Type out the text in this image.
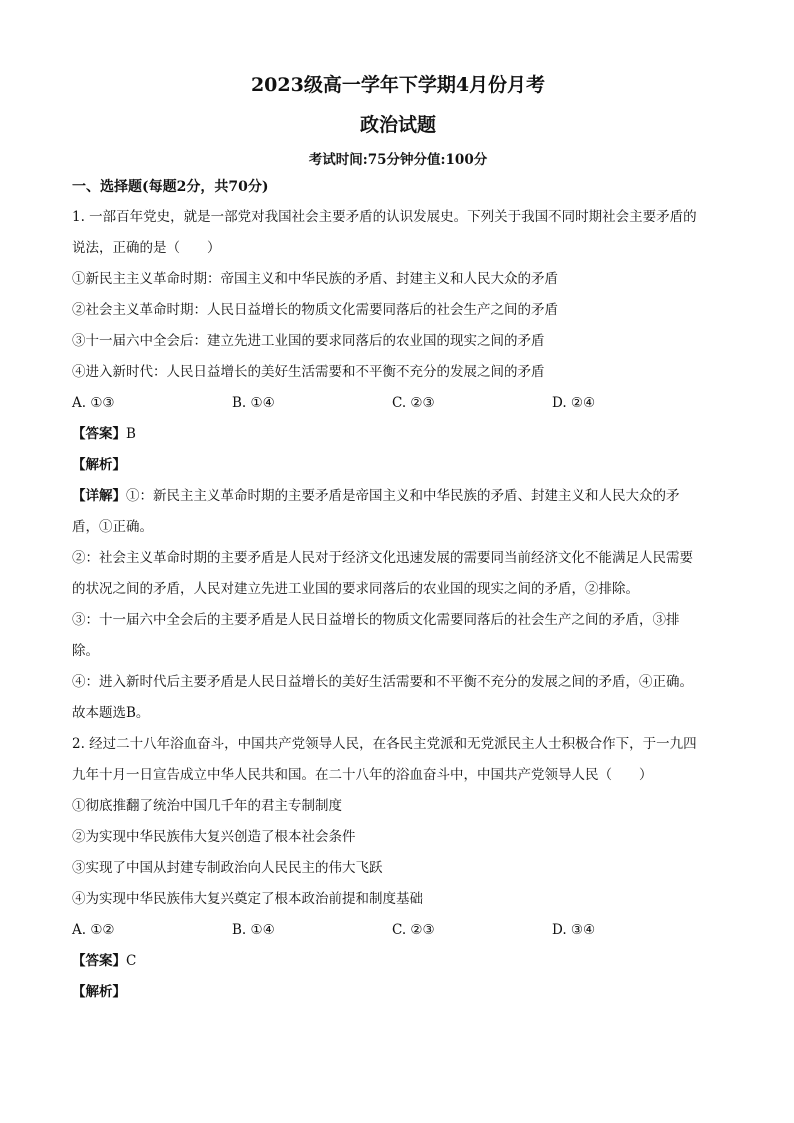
2023级高一学年下学期4月份月考
政治试题
考试时间:75分钟分值:100分
一、选择题(每题2分，共70分)

1. 一部百年党史，就是一部党对我国社会主要矛盾的认识发展史。下列关于我国不同时期社会主要矛盾的

说法，正确的是（　　）

①新民主主义革命时期：帝国主义和中华民族的矛盾、封建主义和人民大众的矛盾

②社会主义革命时期：人民日益增长的物质文化需要同落后的社会生产之间的矛盾

③十一届六中全会后：建立先进工业国的要求同落后的农业国的现实之间的矛盾

④进入新时代：人民日益增长的美好生活需要和不平衡不充分的发展之间的矛盾

A. ①③	B. ①④	C. ②③	D. ②④

【答案】B

【解析】

【详解】①：新民主主义革命时期的主要矛盾是帝国主义和中华民族的矛盾、封建主义和人民大众的矛

盾，①正确。

②：社会主义革命时期的主要矛盾是人民对于经济文化迅速发展的需要同当前经济文化不能满足人民需要

的状况之间的矛盾，人民对建立先进工业国的要求同落后的农业国的现实之间的矛盾，②排除。

③：十一届六中全会后的主要矛盾是人民日益增长的物质文化需要同落后的社会生产之间的矛盾，③排

除。

④：进入新时代后主要矛盾是人民日益增长的美好生活需要和不平衡不充分的发展之间的矛盾，④正确。

故本题选B。

2. 经过二十八年浴血奋斗，中国共产党领导人民，在各民主党派和无党派民主人士积极合作下，于一九四

九年十月一日宣告成立中华人民共和国。在二十八年的浴血奋斗中，中国共产党领导人民（　　）

①彻底推翻了统治中国几千年的君主专制制度

②为实现中华民族伟大复兴创造了根本社会条件

③实现了中国从封建专制政治向人民民主的伟大飞跃

④为实现中华民族伟大复兴奠定了根本政治前提和制度基础

A. ①②	B. ①④	C. ②③	D. ③④

【答案】C

【解析】
